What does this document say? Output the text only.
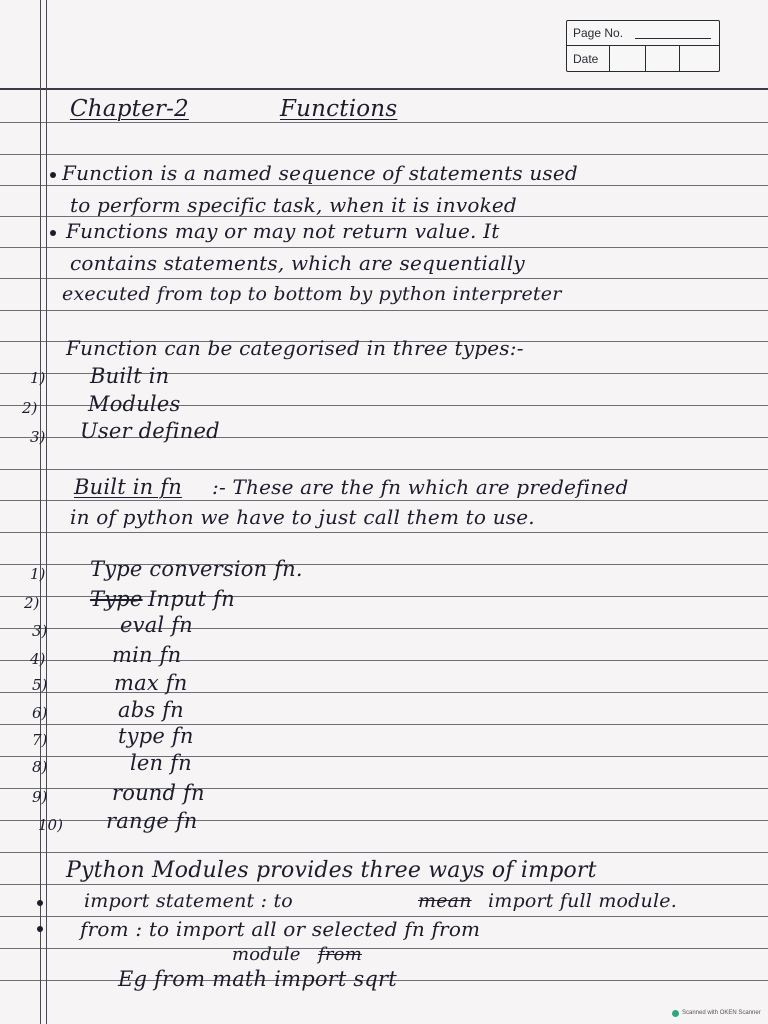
Page No.
Date
Chapter-2	Functions
Function is a named sequence of statements used
to perform specific task, when it is invoked
Functions may or may not return value. It
contains statements, which are sequentially
executed from top to bottom by python interpreter
Function can be categorised in three types:-
1) Built in
2) Modules
3) User defined
Built in fn :- These are the fn which are predefined
in of python we have to just call them to use.
1) Type conversion fn.
2) Type Input fn
3)	eval fn
4)	min fn
5)	max fn
6)	abs fn
7)	type fn
8)	len fn
9)	round fn
10) range fn
Python Modules provides three ways of import
import statement : to	mean import full module.
from : to import all or selected fn from
module from
Eg from math import sqrt
Scanned with OKEN Scanner
